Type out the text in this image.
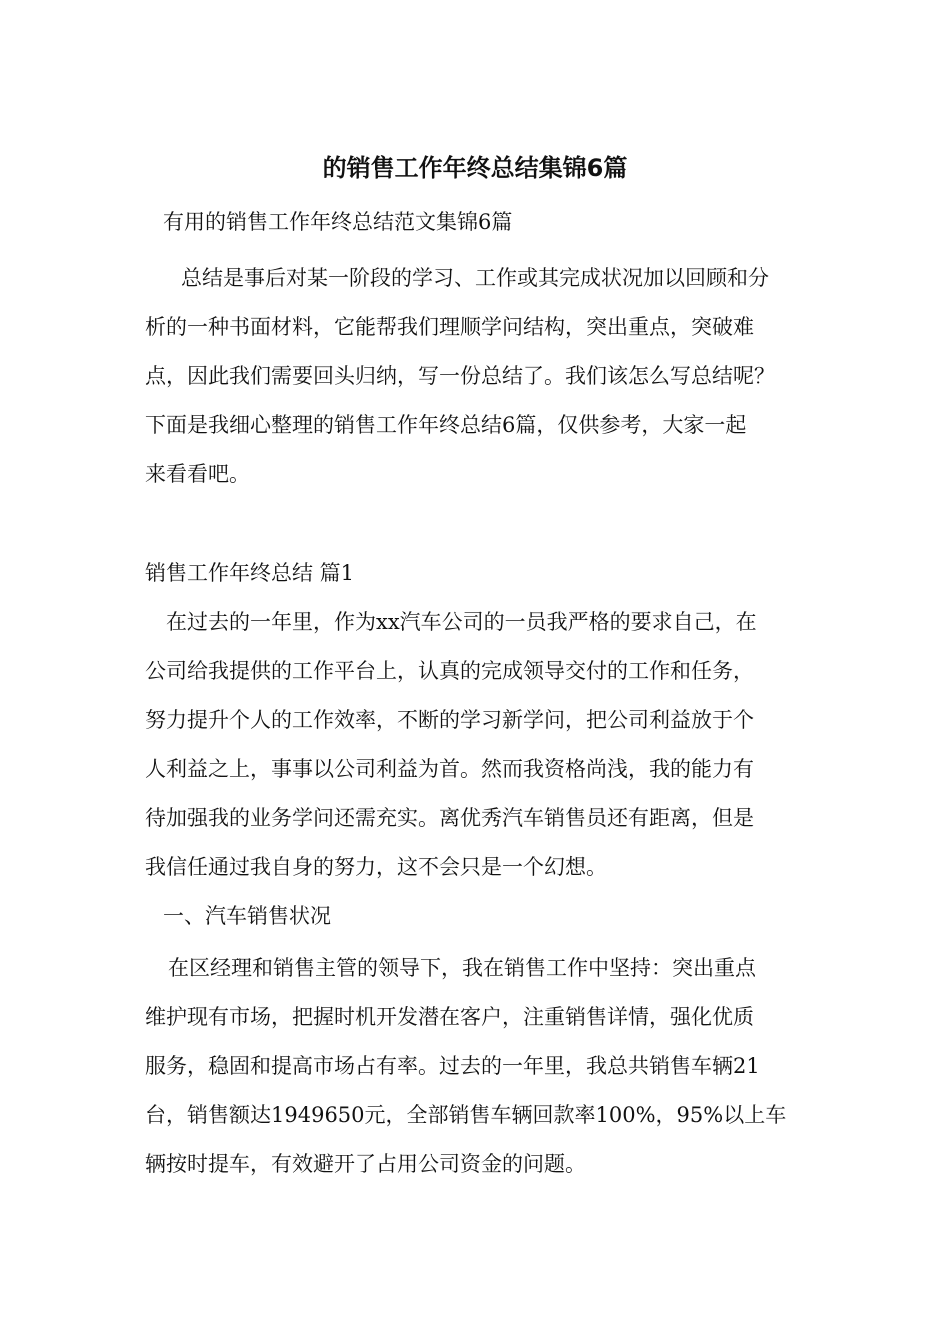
的销售工作年终总结集锦6篇

有用的销售工作年终总结范文集锦6篇

总结是事后对某一阶段的学习、工作或其完成状况加以回顾和分
析的一种书面材料，它能帮我们理顺学问结构，突出重点，突破难
点，因此我们需要回头归纳，写一份总结了。我们该怎么写总结呢？
下面是我细心整理的销售工作年终总结6篇，仅供参考，大家一起
来看看吧。

销售工作年终总结 篇1

在过去的一年里，作为xx汽车公司的一员我严格的要求自己，在
公司给我提供的工作平台上，认真的完成领导交付的工作和任务，
努力提升个人的工作效率，不断的学习新学问，把公司利益放于个
人利益之上，事事以公司利益为首。然而我资格尚浅，我的能力有
待加强我的业务学问还需充实。离优秀汽车销售员还有距离，但是
我信任通过我自身的努力，这不会只是一个幻想。

一、汽车销售状况

在区经理和销售主管的领导下，我在销售工作中坚持：突出重点
维护现有市场，把握时机开发潜在客户，注重销售详情，强化优质
服务，稳固和提高市场占有率。过去的一年里，我总共销售车辆21
台，销售额达1949650元，全部销售车辆回款率100%，95%以上车
辆按时提车，有效避开了占用公司资金的问题。
